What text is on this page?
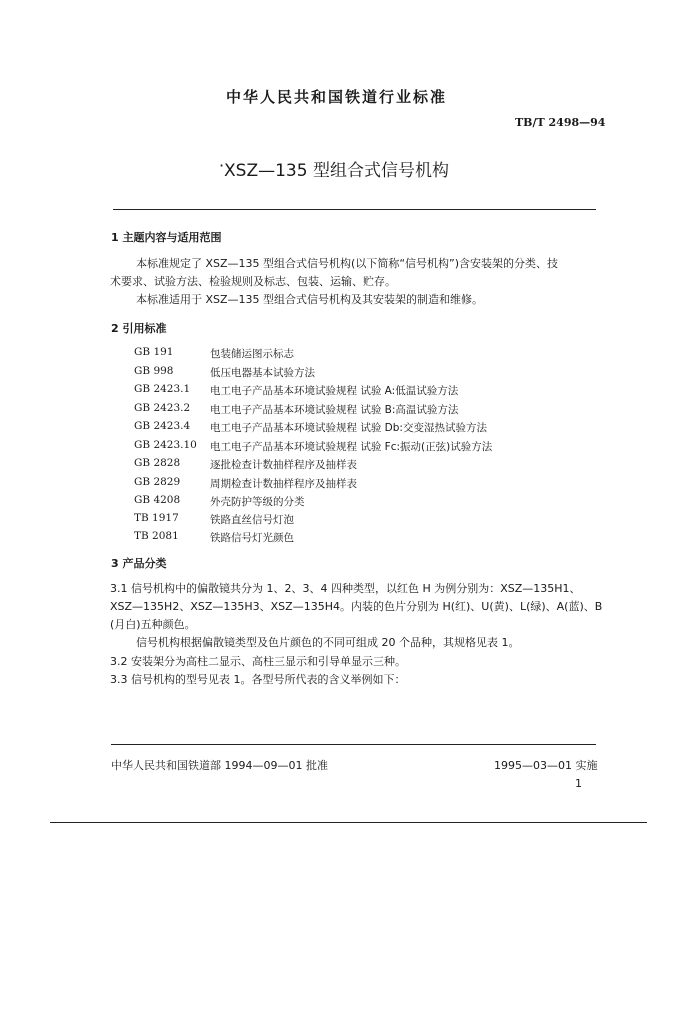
中华人民共和国铁道行业标准
TB/T 2498—94
· XSZ—135 型组合式信号机构
1 主题内容与适用范围
本标准规定了 XSZ—135 型组合式信号机构(以下简称“信号机构”)含安装架的分类、技
术要求、试验方法、检验规则及标志、包装、运输、贮存。
本标准适用于 XSZ—135 型组合式信号机构及其安装架的制造和维修。
2 引用标准
GB 191	包装储运图示标志
GB 998	低压电器基本试验方法
GB 2423.1 电工电子产品基本环境试验规程 试验 A:低温试验方法
GB 2423.2 电工电子产品基本环境试验规程 试验 B:高温试验方法
GB 2423.4 电工电子产品基本环境试验规程 试验 Db:交变湿热试验方法
GB 2423.10 电工电子产品基本环境试验规程 试验 Fc:振动(正弦)试验方法
GB 2828	逐批检查计数抽样程序及抽样表
GB 2829	周期检查计数抽样程序及抽样表
GB 4208	外壳防护等级的分类
TB 1917	铁路直丝信号灯泡
TB 2081	铁路信号灯光颜色
3 产品分类
3.1 信号机构中的偏散镜共分为 1、2、3、4 四种类型，以红色 H 为例分别为：XSZ—135H1、
XSZ—135H2、XSZ—135H3、XSZ—135H4。内装的色片分别为 H(红)、U(黄)、L(绿)、A(蓝)、B
(月白)五种颜色。
信号机构根据偏散镜类型及色片颜色的不同可组成 20 个品种，其规格见表 1。
3.2 安装架分为高柱二显示、高柱三显示和引导单显示三种。
3.3 信号机构的型号见表 1。各型号所代表的含义举例如下：
中华人民共和国铁道部 1994—09—01 批准	1995—03—01 实施
1
